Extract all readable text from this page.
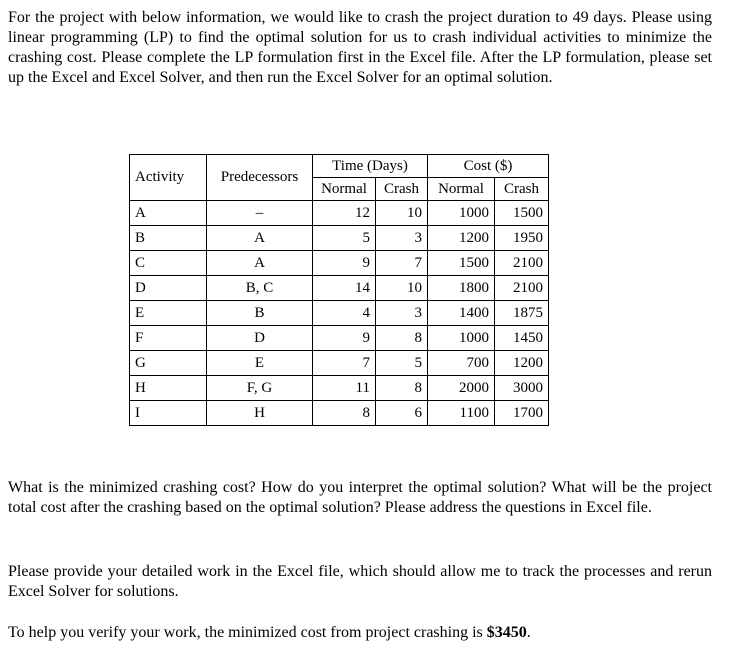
For the project with below information, we would like to crash the project duration to 49 days. Please using linear programming (LP) to find the optimal solution for us to crash individual activities to minimize the crashing cost. Please complete the LP formulation first in the Excel file. After the LP formulation, please set up the Excel and Excel Solver, and then run the Excel Solver for an optimal solution.

Activity	Predecessors	Time (Days)		Cost ($)	
		Normal	Crash	Normal	Crash
A	–	12	10	1000	1500
B	A	5	3	1200	1950
C	A	9	7	1500	2100
D	B, C	14	10	1800	2100
E	B	4	3	1400	1875
F	D	9	8	1000	1450
G	E	7	5	700	1200
H	F, G	11	8	2000	3000
I	H	8	6	1100	1700

What is the minimized crashing cost? How do you interpret the optimal solution? What will be the project total cost after the crashing based on the optimal solution? Please address the questions in Excel file.

Please provide your detailed work in the Excel file, which should allow me to track the processes and rerun Excel Solver for solutions.

To help you verify your work, the minimized cost from project crashing is $3450.
